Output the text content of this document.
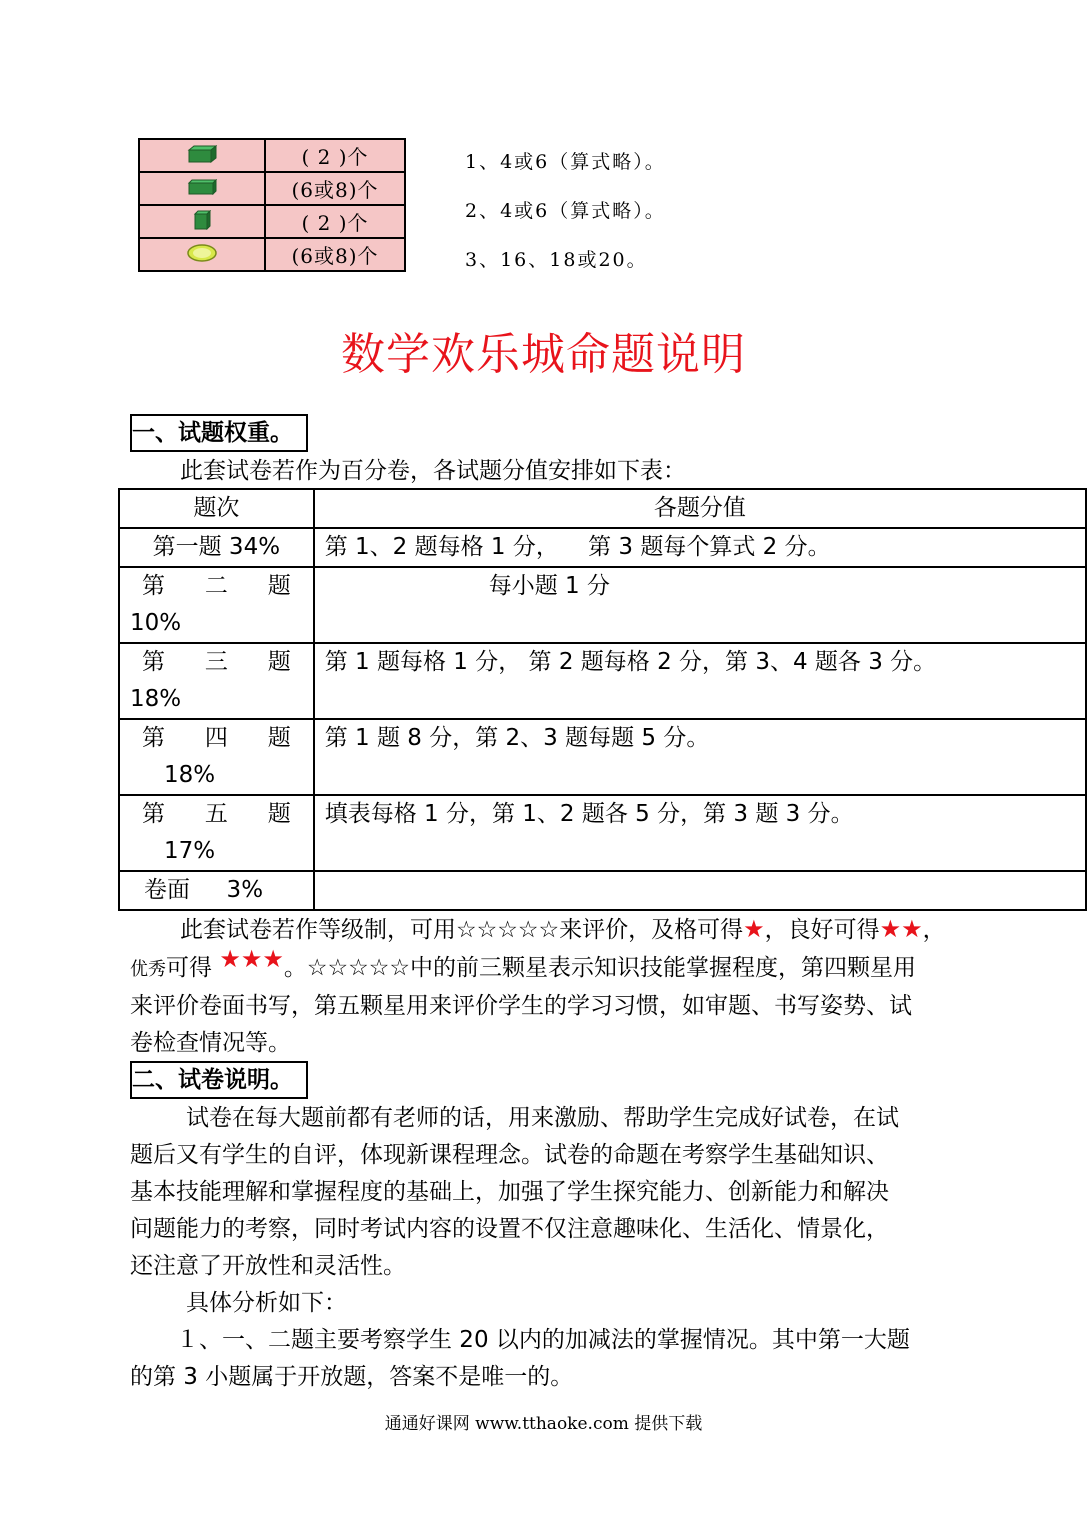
	( 2 )个
	(6或8)个
	( 2 )个
	(6或8)个
1、4或6（算式略）。
2、4或6（算式略）。
3、16、18或20。
数学欢乐城命题说明
一、试题权重。
此套试卷若作为百分卷，各试题分值安排如下表：
题次	各题分值
第一题 34%	第 1、2 题每格 1 分，    第 3 题每个算式 2 分。

第 二 题
10%	每小题 1 分

第 三 题
18%	第 1 题每格 1 分， 第 2 题每格 2 分，第 3、4 题各 3 分。

第 四 题
18%	第 1 题 8 分，第 2、3 题每题 5 分。

第 五 题
17%	填表每格 1 分，第 1、2 题各 5 分，第 3 题 3 分。
卷面     3%	
此套试卷若作等级制，可用☆☆☆☆☆来评价，及格可得★，良好可得★★，
优秀可得 ★★★。☆☆☆☆☆中的前三颗星表示知识技能掌握程度，第四颗星用
来评价卷面书写，第五颗星用来评价学生的学习习惯，如审题、书写姿势、试
卷检查情况等。
二、试卷说明。
试卷在每大题前都有老师的话，用来激励、帮助学生完成好试卷，在试
题后又有学生的自评，体现新课程理念。试卷的命题在考察学生基础知识、
基本技能理解和掌握程度的基础上，加强了学生探究能力、创新能力和解决
问题能力的考察，同时考试内容的设置不仅注意趣味化、生活化、情景化，
还注意了开放性和灵活性。
具体分析如下：
１、一、二题主要考察学生 20 以内的加减法的掌握情况。其中第一大题
的第 3 小题属于开放题，答案不是唯一的。
通通好课网 www.tthaoke.com 提供下载
